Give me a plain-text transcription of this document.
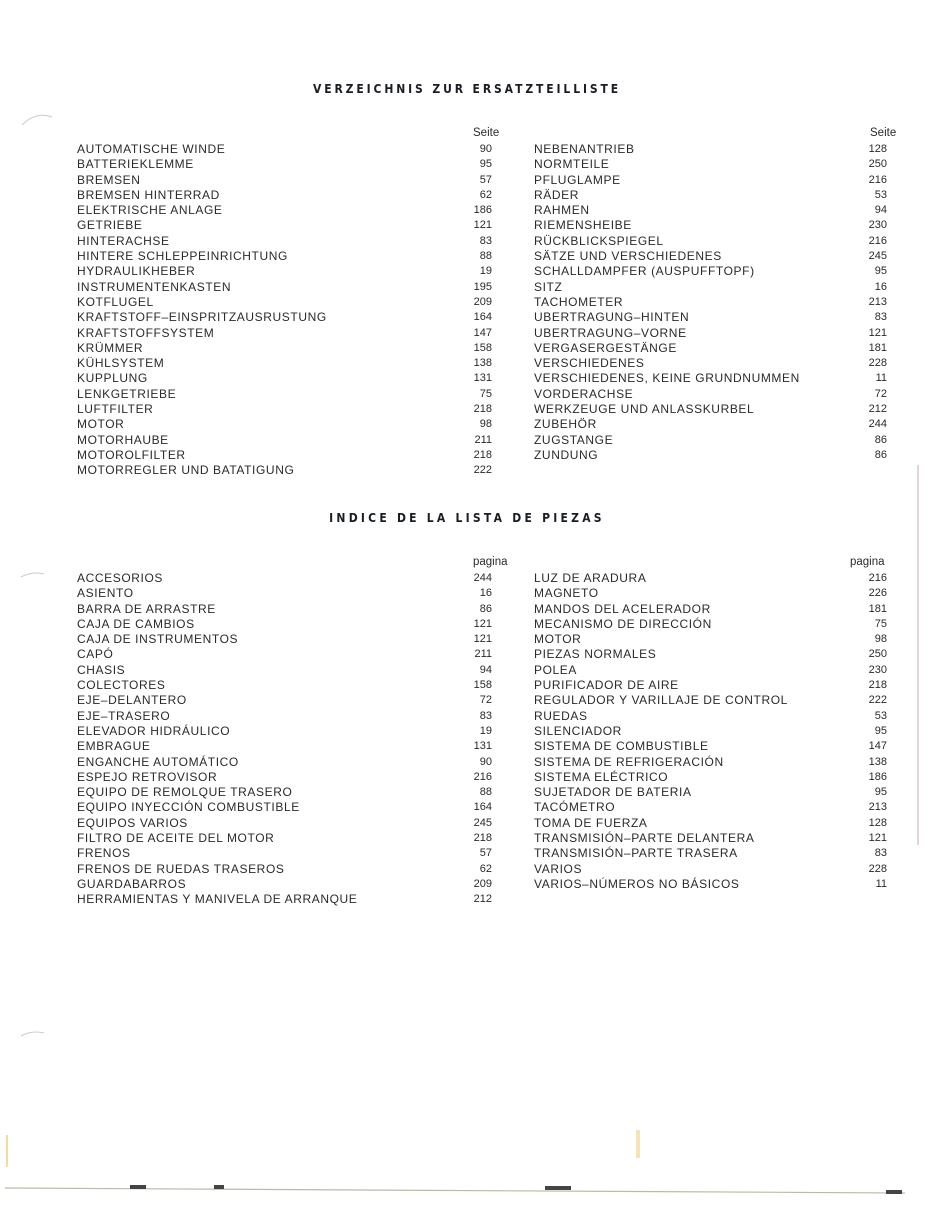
VERZEICHNIS ZUR ERSATZTEILLISTE
Seite	Seite
AUTOMATISCHE WINDE	90
BATTERIEKLEMME	95
BREMSEN	57
BREMSEN HINTERRAD	62
ELEKTRISCHE ANLAGE	186
GETRIEBE	121
HINTERACHSE	83
HINTERE SCHLEPPEINRICHTUNG	88
HYDRAULIKHEBER	19
INSTRUMENTENKASTEN	195
KOTFLUGEL	209
KRAFTSTOFF–EINSPRITZAUSRUSTUNG	164
KRAFTSTOFFSYSTEM	147
KRÜMMER	158
KÜHLSYSTEM	138
KUPPLUNG	131
LENKGETRIEBE	75
LUFTFILTER	218
MOTOR	98
MOTORHAUBE	211
MOTOROLFILTER	218
MOTORREGLER UND BATATIGUNG	222
NEBENANTRIEB	128
NORMTEILE	250
PFLUGLAMPE	216
RÄDER	53
RAHMEN	94
RIEMENSHEIBE	230
RÜCKBLICKSPIEGEL	216
SÄTZE UND VERSCHIEDENES	245
SCHALLDAMPFER (AUSPUFFTOPF)	95
SITZ	16
TACHOMETER	213
UBERTRAGUNG–HINTEN	83
UBERTRAGUNG–VORNE	121
VERGASERGESTÄNGE	181
VERSCHIEDENES	228
VERSCHIEDENES, KEINE GRUNDNUMMEN	11
VORDERACHSE	72
WERKZEUGE UND ANLASSKURBEL	212
ZUBEHÖR	244
ZUGSTANGE	86
ZUNDUNG	86
INDICE DE LA LISTA DE PIEZAS
pagina	pagina
ACCESORIOS	244
ASIENTO	16
BARRA DE ARRASTRE	86
CAJA DE CAMBIOS	121
CAJA DE INSTRUMENTOS	121
CAPÓ	211
CHASIS	94
COLECTORES	158
EJE–DELANTERO	72
EJE–TRASERO	83
ELEVADOR HIDRÁULICO	19
EMBRAGUE	131
ENGANCHE AUTOMÁTICO	90
ESPEJO RETROVISOR	216
EQUIPO DE REMOLQUE TRASERO	88
EQUIPO INYECCIÓN COMBUSTIBLE	164
EQUIPOS VARIOS	245
FILTRO DE ACEITE DEL MOTOR	218
FRENOS	57
FRENOS DE RUEDAS TRASEROS	62
GUARDABARROS	209
HERRAMIENTAS Y MANIVELA DE ARRANQUE	212
LUZ DE ARADURA	216
MAGNETO	226
MANDOS DEL ACELERADOR	181
MECANISMO DE DIRECCIÓN	75
MOTOR	98
PIEZAS NORMALES	250
POLEA	230
PURIFICADOR DE AIRE	218
REGULADOR Y VARILLAJE DE CONTROL	222
RUEDAS	53
SILENCIADOR	95
SISTEMA DE COMBUSTIBLE	147
SISTEMA DE REFRIGERACIÓN	138
SISTEMA ELÉCTRICO	186
SUJETADOR DE BATERIA	95
TACÓMETRO	213
TOMA DE FUERZA	128
TRANSMISIÓN–PARTE DELANTERA	121
TRANSMISIÓN–PARTE TRASERA	83
VARIOS	228
VARIOS–NÚMEROS NO BÁSICOS	11
